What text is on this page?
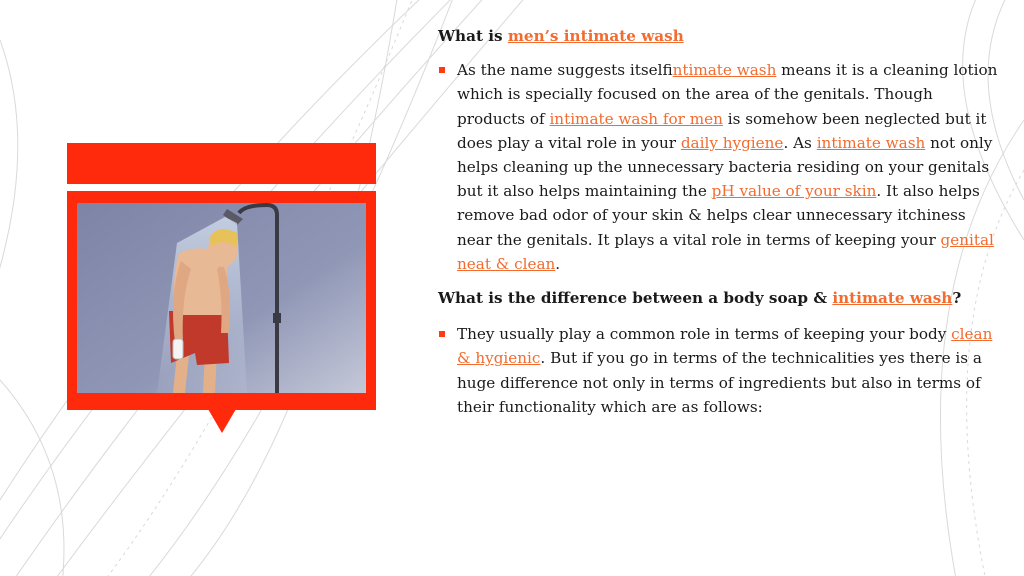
What is men’s intimate wash

As the name suggests itselfintimate wash means it is a cleaning lotion which is specially focused on the area of the genitals. Though products of intimate wash for men is somehow been neglected but it does play a vital role in your daily hygiene. As intimate wash not only helps cleaning up the unnecessary bacteria residing on your genitals but it also helps maintaining the pH value of your skin. It also helps remove bad odor of your skin & helps clear unnecessary itchiness near the genitals. It plays a vital role in terms of keeping your genital neat & clean.

What is the difference between a body soap & intimate wash?

They usually play a common role in terms of keeping your body clean & hygienic. But if you go in terms of the technicalities yes there is a huge difference not only in terms of ingredients but also in terms of their functionality which are as follows:
